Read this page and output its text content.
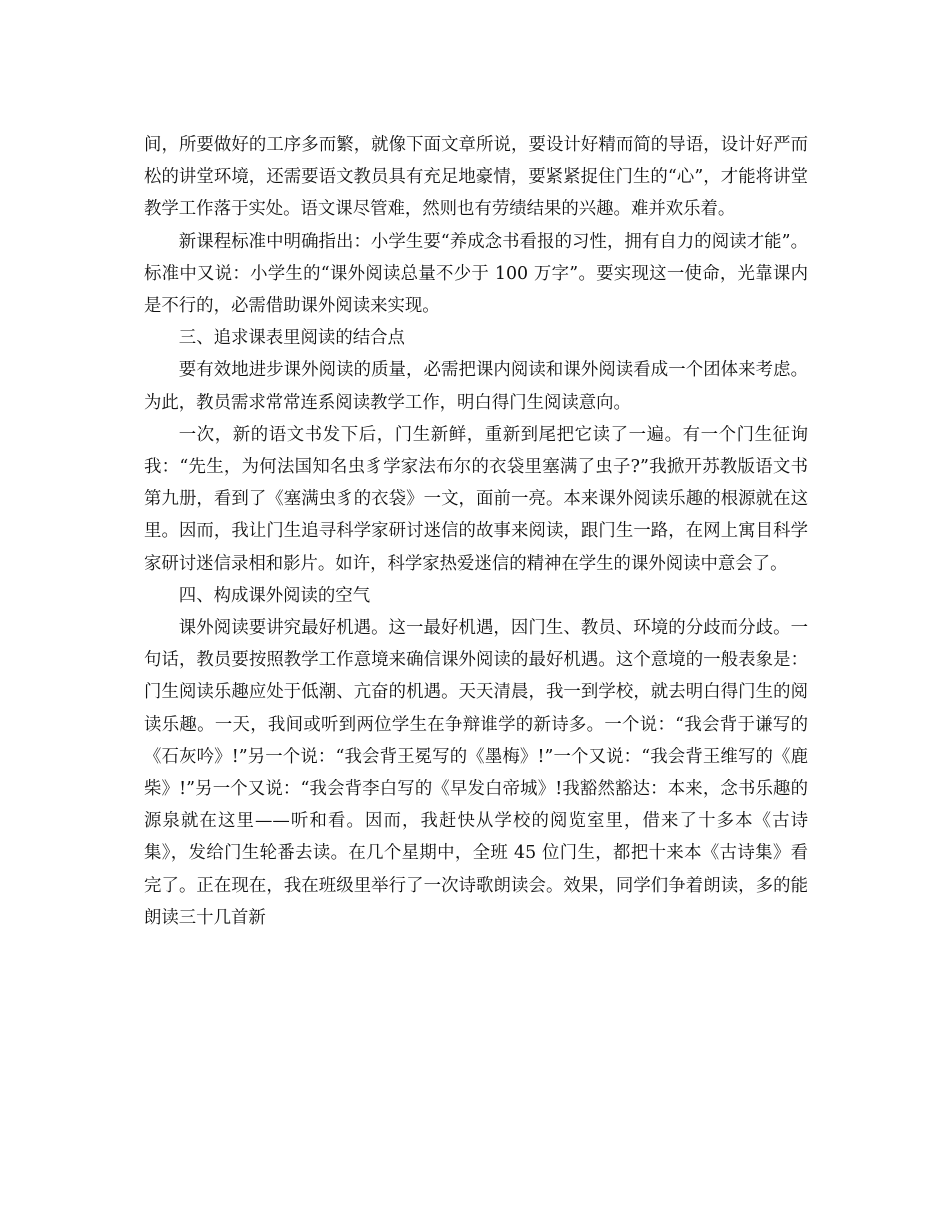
间，所要做好的工序多而繁，就像下面文章所说，要设计好精而简的导语，设计好严而松的讲堂环境，还需要语文教员具有充足地豪情，要紧紧捉住门生的“心”，才能将讲堂教学工作落于实处。语文课尽管难，然则也有劳绩结果的兴趣。难并欢乐着。

新课程标准中明确指出：小学生要“养成念书看报的习性，拥有自力的阅读才能”。标准中又说：小学生的“课外阅读总量不少于 100 万字”。要实现这一使命，光靠课内是不行的，必需借助课外阅读来实现。

三、追求课表里阅读的结合点

要有效地进步课外阅读的质量，必需把课内阅读和课外阅读看成一个团体来考虑。为此，教员需求常常连系阅读教学工作，明白得门生阅读意向。

一次，新的语文书发下后，门生新鲜，重新到尾把它读了一遍。有一个门生征询我：“先生，为何法国知名虫豸学家法布尔的衣袋里塞满了虫子?”我掀开苏教版语文书第九册，看到了《塞满虫豸的衣袋》一文，面前一亮。本来课外阅读乐趣的根源就在这里。因而，我让门生追寻科学家研讨迷信的故事来阅读，跟门生一路，在网上寓目科学家研讨迷信录相和影片。如许，科学家热爱迷信的精神在学生的课外阅读中意会了。

四、构成课外阅读的空气

课外阅读要讲究最好机遇。这一最好机遇，因门生、教员、环境的分歧而分歧。一句话，教员要按照教学工作意境来确信课外阅读的最好机遇。这个意境的一般表象是：门生阅读乐趣应处于低潮、亢奋的机遇。天天清晨，我一到学校，就去明白得门生的阅读乐趣。一天，我间或听到两位学生在争辩谁学的新诗多。一个说：“我会背于谦写的《石灰吟》!”另一个说：“我会背王冕写的《墨梅》!”一个又说：“我会背王维写的《鹿柴》!”另一个又说：“我会背李白写的《早发白帝城》!我豁然豁达：本来，念书乐趣的源泉就在这里——听和看。因而，我赶快从学校的阅览室里，借来了十多本《古诗集》，发给门生轮番去读。在几个星期中，全班 45 位门生，都把十来本《古诗集》看完了。正在现在，我在班级里举行了一次诗歌朗读会。效果，同学们争着朗读，多的能朗读三十几首新
